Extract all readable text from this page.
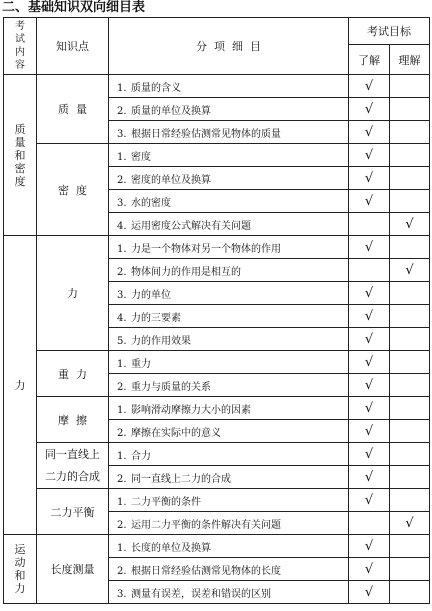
二、基础知识双向细目表
考
试
内
容	知识点	分  项  细  目	考试目标	
			了解	理解

质
量
和
密
度	质 量	1. 质量的含义	√	
		2. 质量的单位及换算	√	
		3. 根据日常经验估测常见物体的质量	√	
	密 度	1. 密度	√	
		2. 密度的单位及换算	√	
		3. 水的密度	√	
		4. 运用密度公式解决有关问题		√

力	力	1. 力是一个物体对另一个物体的作用	√	
		2. 物体间力的作用是相互的		√
		3. 力的单位	√	
		4. 力的三要素	√	
		5. 力的作用效果	√	
	重 力	1. 重力	√	
		2. 重力与质量的关系	√	
	摩 擦	1. 影响滑动摩擦力大小的因素	√	
		2. 摩擦在实际中的意义	√	

	同一直线上
二力的合成	1. 合力	√	
		2. 同一直线上二力的合成	√	
	二力平衡	1. 二力平衡的条件	√	
		2. 运用二力平衡的条件解决有关问题		√

运
动
和
力	长度测量	1. 长度的单位及换算	√	
		2. 根据日常经验估测常见物体的长度	√	
		3. 测量有误差，误差和错误的区别	√	
